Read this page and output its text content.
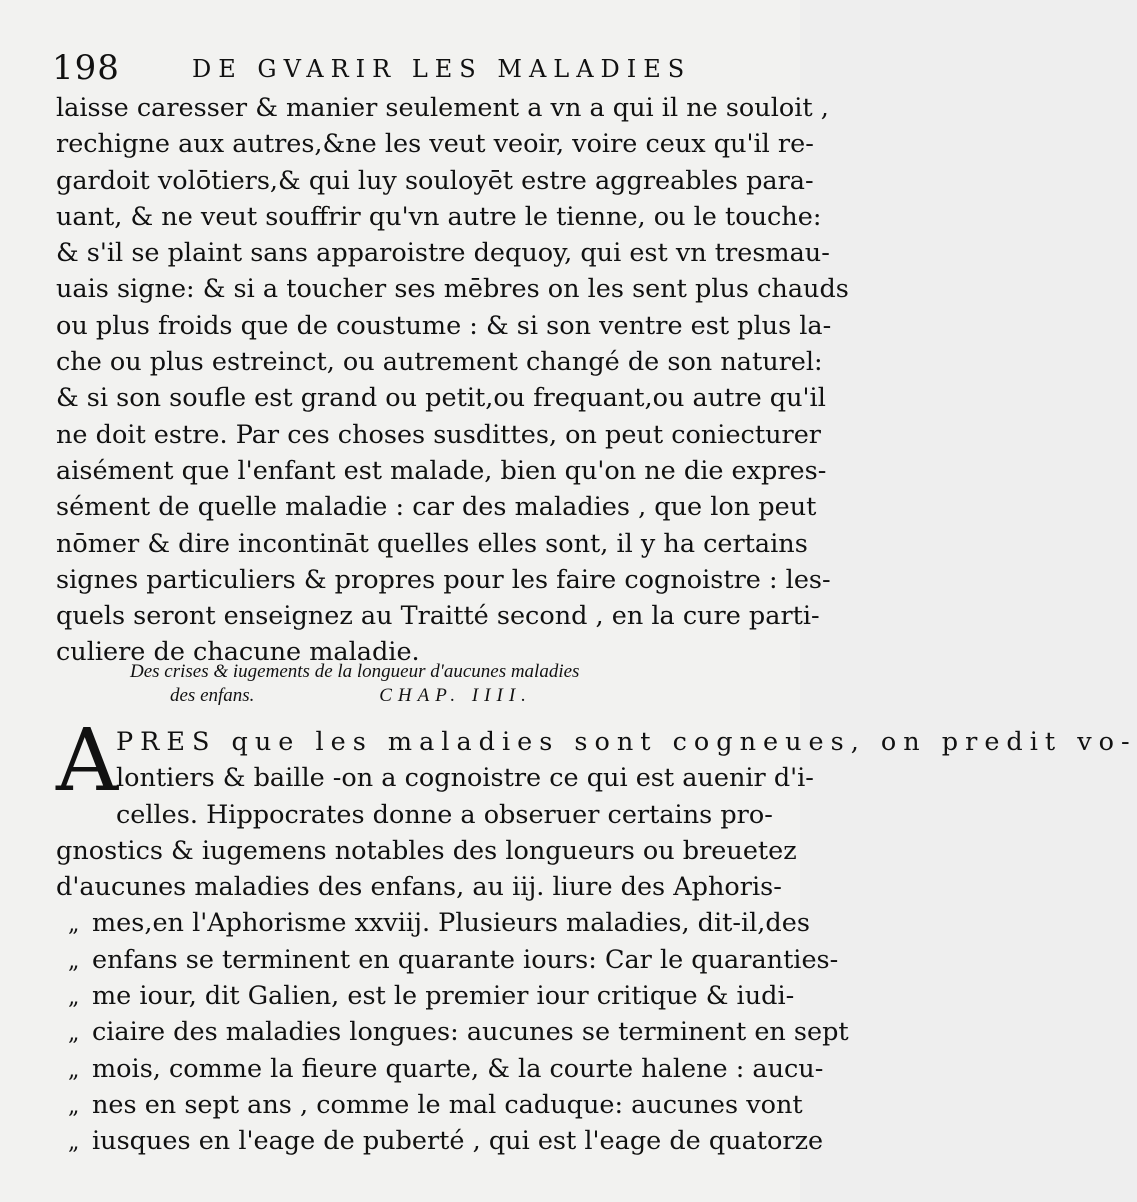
198	DE GVARIR LES MALADIES
laisse caresser & manier seulement a vn a qui il ne souloit ,
rechigne aux autres,&ne les veut veoir, voire ceux qu'il re-
gardoit volōtiers,& qui luy souloyēt estre aggreables para-
uant, & ne veut souffrir qu'vn autre le tienne, ou le touche:
& s'il se plaint sans apparoistre dequoy, qui est vn tresmau-
uais signe: & si a toucher ses mēbres on les sent plus chauds
ou plus froids que de coustume : & si son ventre est plus la-
che ou plus estreinct, ou autrement changé de son naturel:
& si son soufle est grand ou petit,ou frequant,ou autre qu'il
ne doit estre. Par ces choses susdittes, on peut coniecturer
aisément que l'enfant est malade, bien qu'on ne die expres-
sément de quelle maladie : car des maladies , que lon peut
nōmer & dire incontināt quelles elles sont, il y ha certains
signes particuliers & propres pour les faire cognoistre : les-
quels seront enseignez au Traitté second , en la cure parti-
culiere de chacune maladie.
Des crises & iugements de la longueur d'aucunes maladies
des enfans.	CHAP. IIII.
A
PRES que les maladies sont cogneues, on predit vo-
lontiers & baille -on a cognoistre ce qui est auenir d'i-
celles. Hippocrates donne a obseruer certains pro-
gnostics & iugemens notables des longueurs ou breuetez
d'aucunes maladies des enfans, au iij. liure des Aphoris-
„ mes,en l'Aphorisme xxviij. Plusieurs maladies, dit-il,des
„ enfans se terminent en quarante iours: Car le quaranties-
„ me iour, dit Galien, est le premier iour critique & iudi-
„ ciaire des maladies longues: aucunes se terminent en sept
„ mois, comme la fieure quarte, & la courte halene : aucu-
„ nes en sept ans , comme le mal caduque: aucunes vont
„ iusques en l'eage de puberté , qui est l'eage de quatorze
